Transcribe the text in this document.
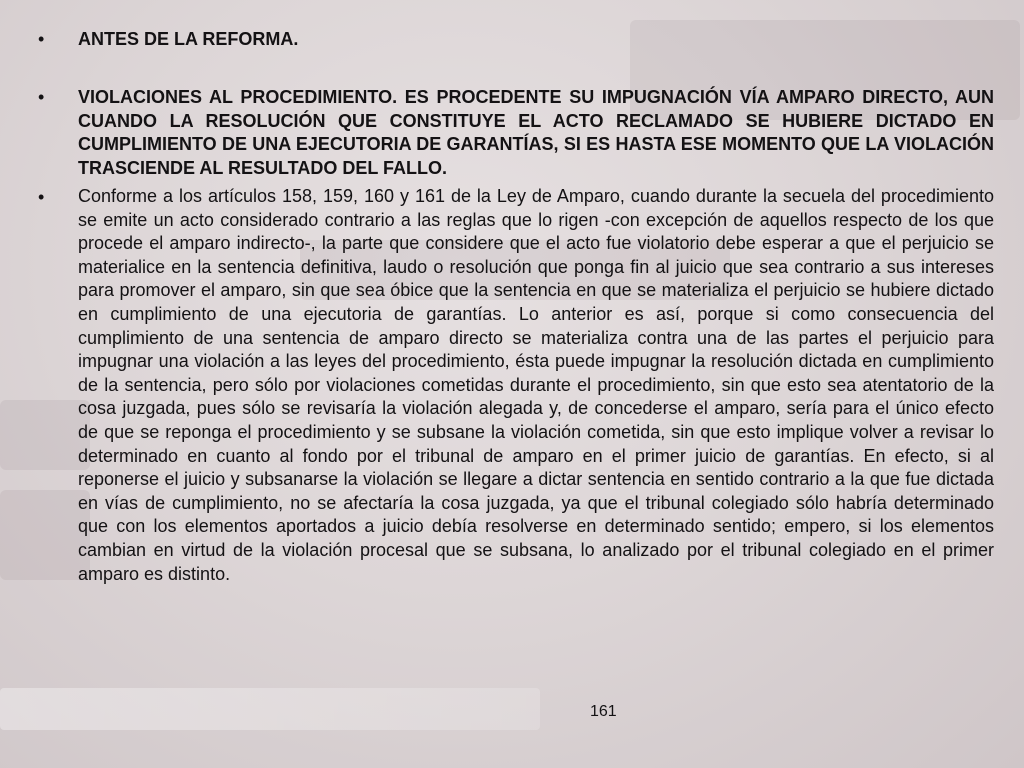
• ANTES DE LA REFORMA.
• VIOLACIONES AL PROCEDIMIENTO. ES PROCEDENTE SU IMPUGNACIÓN VÍA AMPARO DIRECTO, AUN CUANDO LA RESOLUCIÓN QUE CONSTITUYE EL ACTO RECLAMADO SE HUBIERE DICTADO EN CUMPLIMIENTO DE UNA EJECUTORIA DE GARANTÍAS, SI ES HASTA ESE MOMENTO QUE LA VIOLACIÓN TRASCIENDE AL RESULTADO DEL FALLO.
• Conforme a los artículos 158, 159, 160 y 161 de la Ley de Amparo, cuando durante la secuela del procedimiento se emite un acto considerado contrario a las reglas que lo rigen -con excepción de aquellos respecto de los que procede el amparo indirecto-, la parte que considere que el acto fue violatorio debe esperar a que el perjuicio se materialice en la sentencia definitiva, laudo o resolución que ponga fin al juicio que sea contrario a sus intereses para promover el amparo, sin que sea óbice que la sentencia en que se materializa el perjuicio se hubiere dictado en cumplimiento de una ejecutoria de garantías. Lo anterior es así, porque si como consecuencia del cumplimiento de una sentencia de amparo directo se materializa contra una de las partes el perjuicio para impugnar una violación a las leyes del procedimiento, ésta puede impugnar la resolución dictada en cumplimiento de la sentencia, pero sólo por violaciones cometidas durante el procedimiento, sin que esto sea atentatorio de la cosa juzgada, pues sólo se revisaría la violación alegada y, de concederse el amparo, sería para el único efecto de que se reponga el procedimiento y se subsane la violación cometida, sin que esto implique volver a revisar lo determinado en cuanto al fondo por el tribunal de amparo en el primer juicio de garantías. En efecto, si al reponerse el juicio y subsanarse la violación se llegare a dictar sentencia en sentido contrario a la que fue dictada en vías de cumplimiento, no se afectaría la cosa juzgada, ya que el tribunal colegiado sólo habría determinado que con los elementos aportados a juicio debía resolverse en determinado sentido; empero, si los elementos cambian en virtud de la violación procesal que se subsana, lo analizado por el tribunal colegiado en el primer amparo es distinto.
161
